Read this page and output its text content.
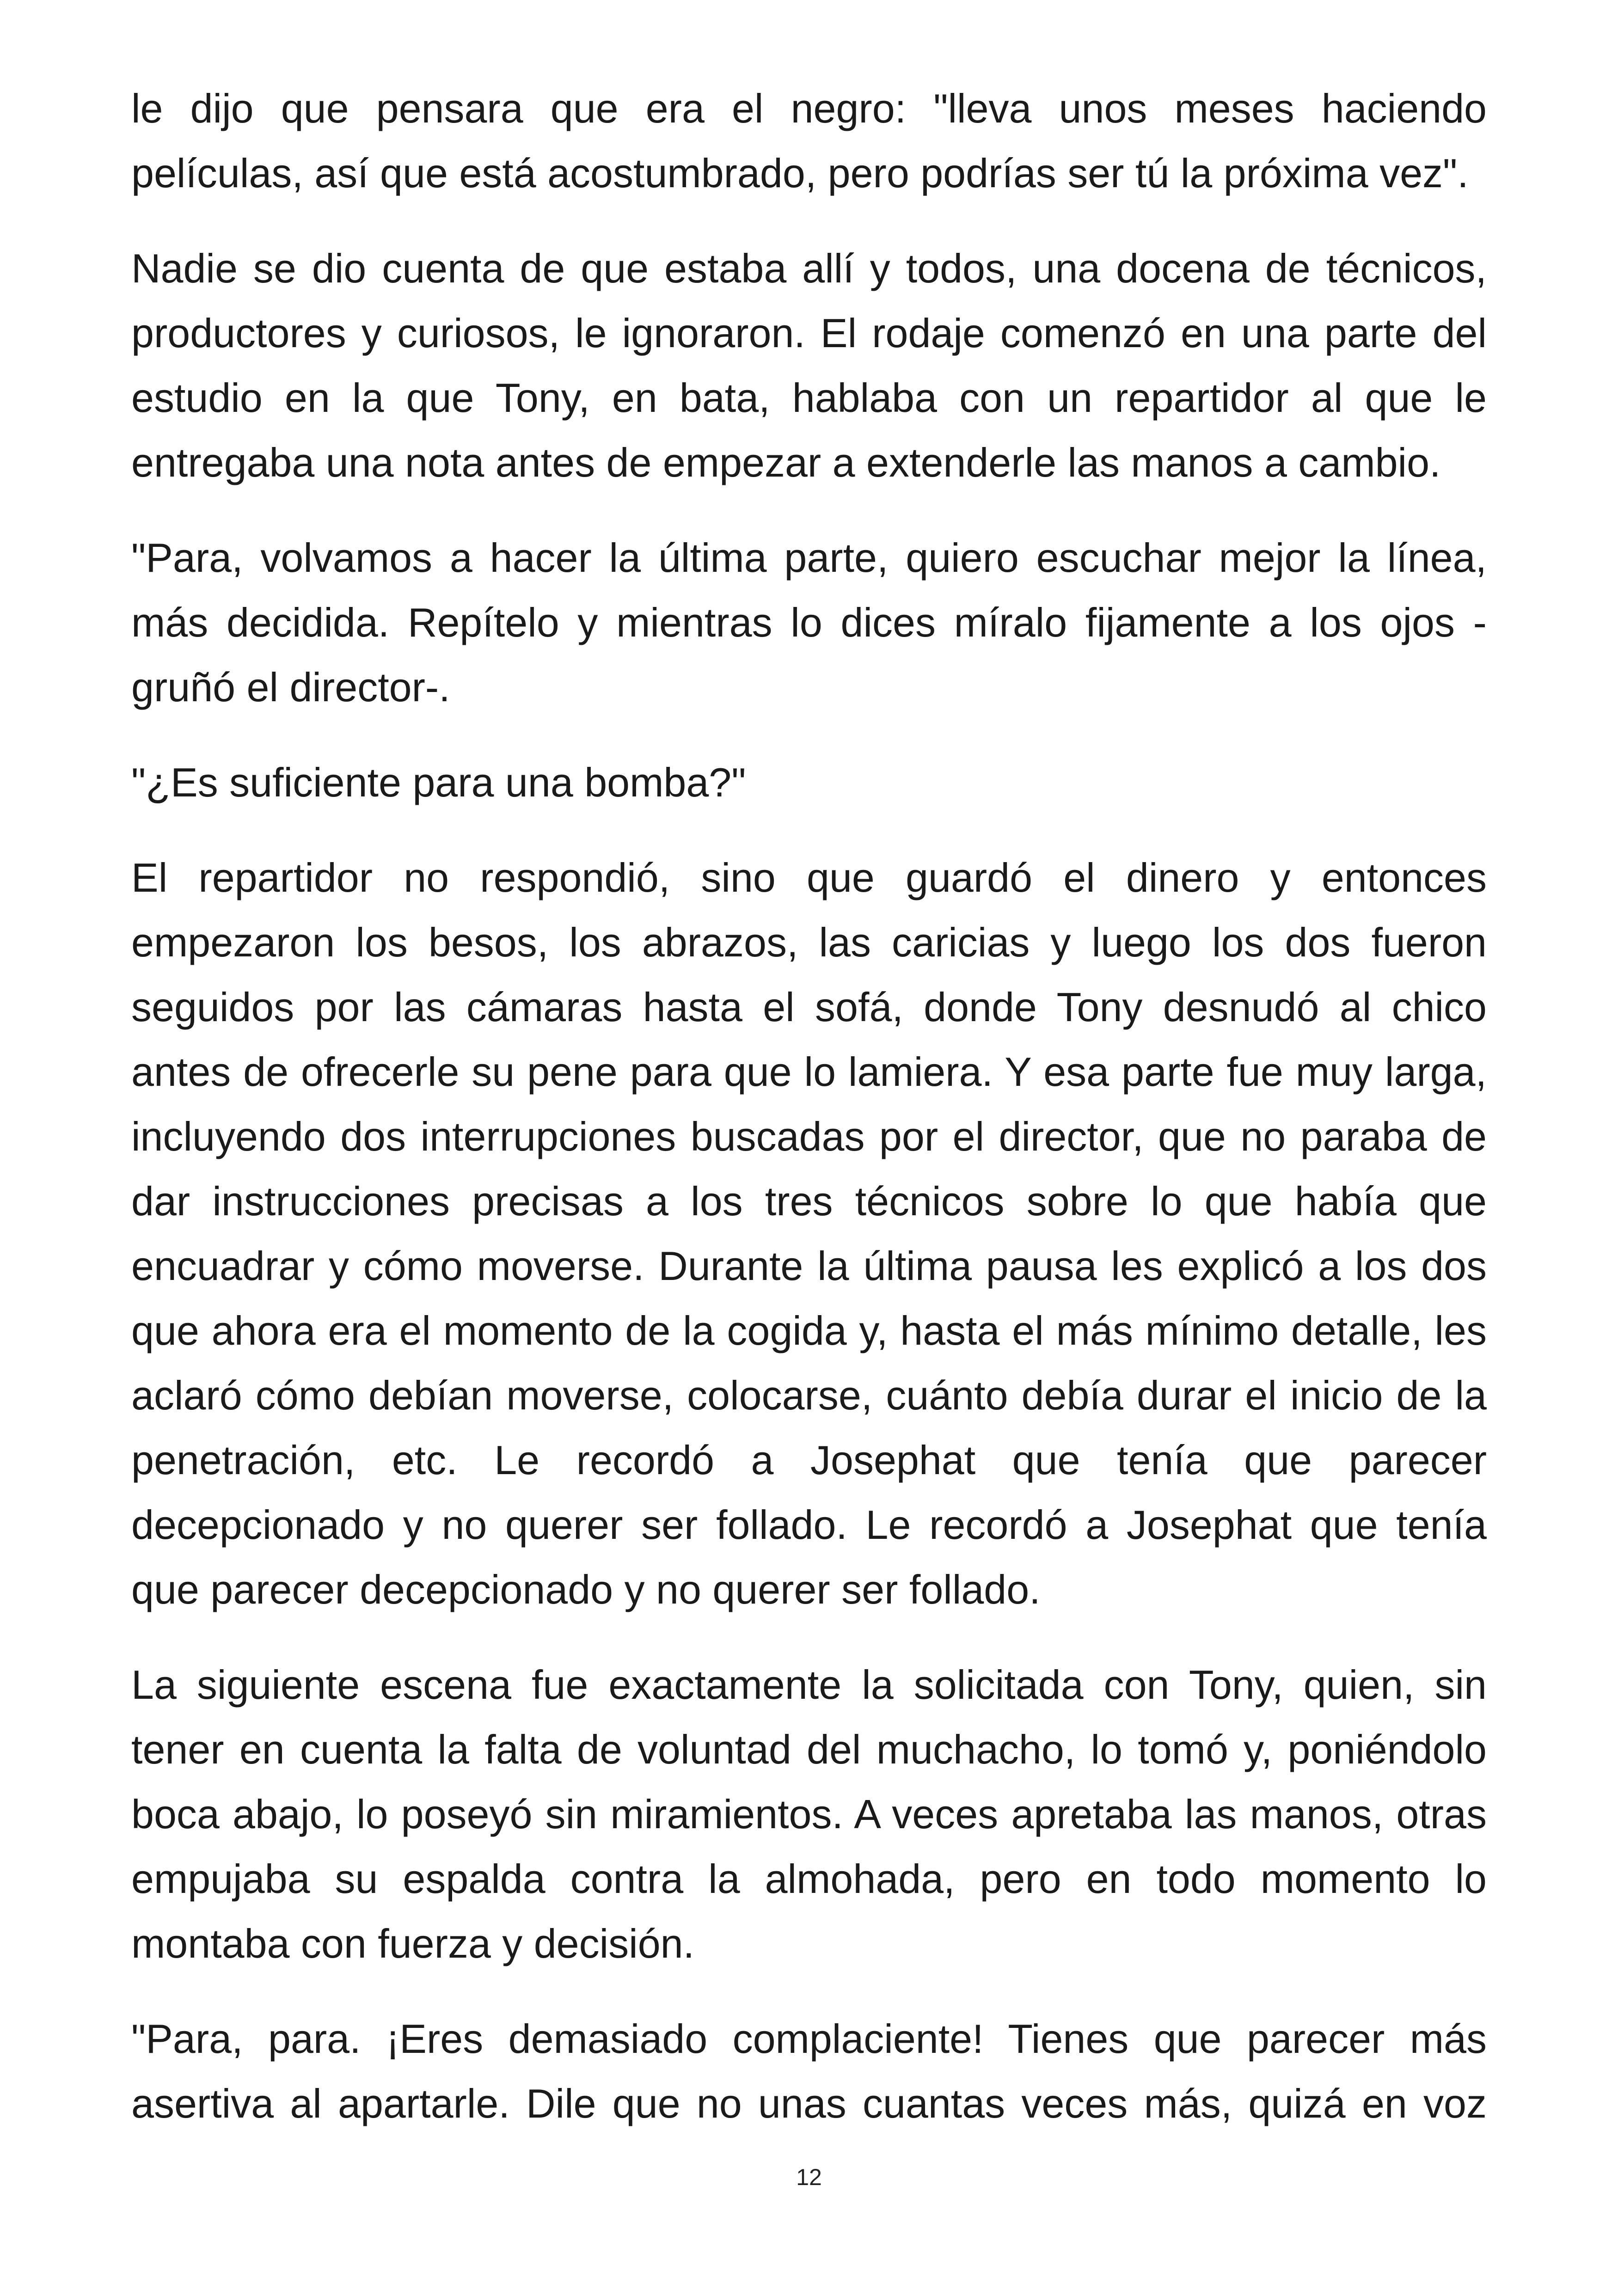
le dijo que pensara que era el negro: "lleva unos meses haciendo películas, así que está acostumbrado, pero podrías ser tú la próxima vez".

Nadie se dio cuenta de que estaba allí y todos, una docena de técnicos, productores y curiosos, le ignoraron. El rodaje comenzó en una parte del estudio en la que Tony, en bata, hablaba con un repartidor al que le entregaba una nota antes de empezar a extenderle las manos a cambio.

"Para, volvamos a hacer la última parte, quiero escuchar mejor la línea, más decidida. Repítelo y mientras lo dices míralo fijamente a los ojos - gruñó el director-.

"¿Es suficiente para una bomba?"

El repartidor no respondió, sino que guardó el dinero y entonces empezaron los besos, los abrazos, las caricias y luego los dos fueron seguidos por las cámaras hasta el sofá, donde Tony desnudó al chico antes de ofrecerle su pene para que lo lamiera. Y esa parte fue muy larga, incluyendo dos interrupciones buscadas por el director, que no paraba de dar instrucciones precisas a los tres técnicos sobre lo que había que encuadrar y cómo moverse. Durante la última pausa les explicó a los dos que ahora era el momento de la cogida y, hasta el más mínimo detalle, les aclaró cómo debían moverse, colocarse, cuánto debía durar el inicio de la penetración, etc. Le recordó a Josephat que tenía que parecer decepcionado y no querer ser follado. Le recordó a Josephat que tenía que parecer decepcionado y no querer ser follado.

La siguiente escena fue exactamente la solicitada con Tony, quien, sin tener en cuenta la falta de voluntad del muchacho, lo tomó y, poniéndolo boca abajo, lo poseyó sin miramientos. A veces apretaba las manos, otras empujaba su espalda contra la almohada, pero en todo momento lo montaba con fuerza y decisión.

"Para, para. ¡Eres demasiado complaciente! Tienes que parecer más asertiva al apartarle. Dile que no unas cuantas veces más, quizá en voz

12
